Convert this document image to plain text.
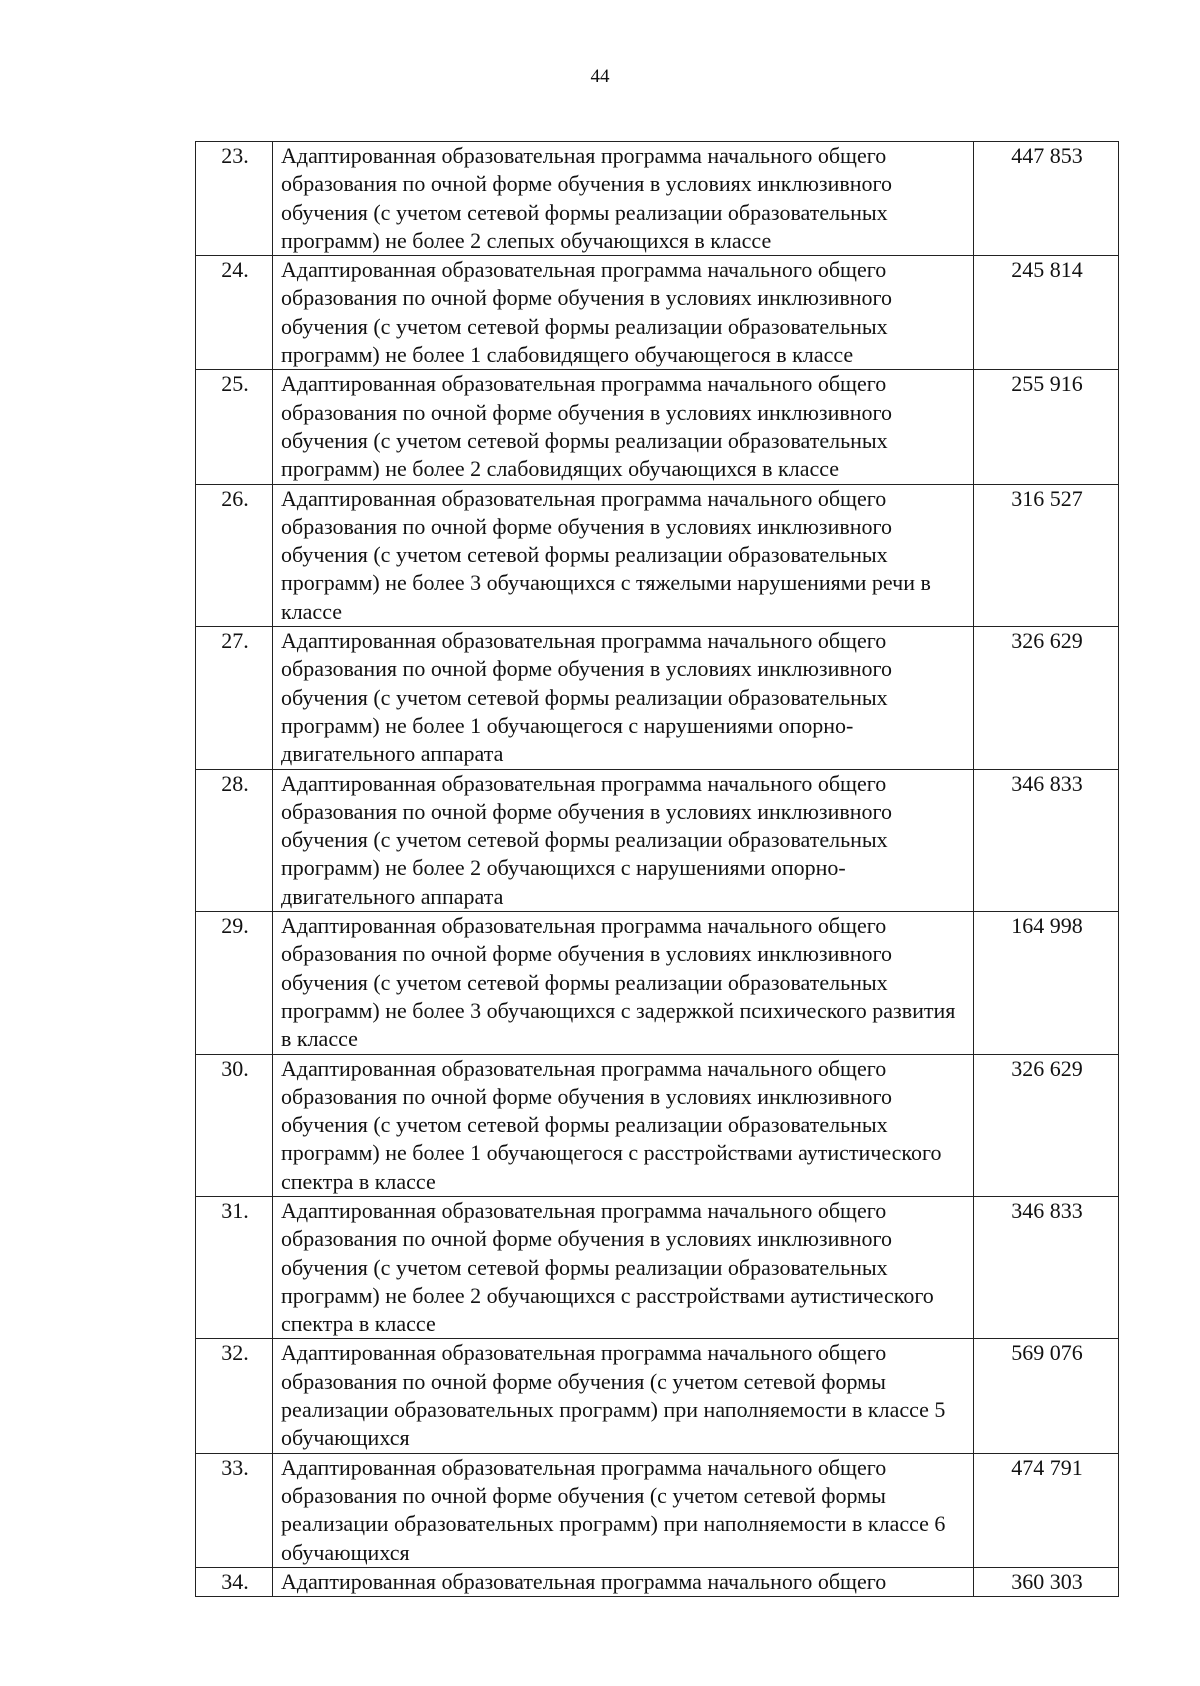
44
23.	Адаптированная образовательная программа начального общего образования по очной форме обучения в условиях инклюзивного обучения (с учетом сетевой формы реализации образовательных программ) не более 2 слепых обучающихся в классе	447 853
24.	Адаптированная образовательная программа начального общего образования по очной форме обучения в условиях инклюзивного обучения (с учетом сетевой формы реализации образовательных программ) не более 1 слабовидящего обучающегося в классе	245 814
25.	Адаптированная образовательная программа начального общего образования по очной форме обучения в условиях инклюзивного обучения (с учетом сетевой формы реализации образовательных программ) не более 2 слабовидящих обучающихся в классе	255 916
26.	Адаптированная образовательная программа начального общего образования по очной форме обучения в условиях инклюзивного обучения (с учетом сетевой формы реализации образовательных программ) не более 3 обучающихся с тяжелыми нарушениями речи в классе	316 527
27.	Адаптированная образовательная программа начального общего образования по очной форме обучения в условиях инклюзивного обучения (с учетом сетевой формы реализации образовательных программ) не более 1 обучающегося с нарушениями опорно-двигательного аппарата	326 629
28.	Адаптированная образовательная программа начального общего образования по очной форме обучения в условиях инклюзивного обучения (с учетом сетевой формы реализации образовательных программ) не более 2 обучающихся с нарушениями опорно-двигательного аппарата	346 833
29.	Адаптированная образовательная программа начального общего образования по очной форме обучения в условиях инклюзивного обучения (с учетом сетевой формы реализации образовательных программ) не более 3 обучающихся с задержкой психического развития в классе	164 998
30.	Адаптированная образовательная программа начального общего образования по очной форме обучения в условиях инклюзивного обучения (с учетом сетевой формы реализации образовательных программ) не более 1 обучающегося с расстройствами аутистического спектра в классе	326 629
31.	Адаптированная образовательная программа начального общего образования по очной форме обучения в условиях инклюзивного обучения (с учетом сетевой формы реализации образовательных программ) не более 2 обучающихся с расстройствами аутистического спектра в классе	346 833
32.	Адаптированная образовательная программа начального общего образования по очной форме обучения (с учетом сетевой формы реализации образовательных программ) при наполняемости в классе 5 обучающихся	569 076
33.	Адаптированная образовательная программа начального общего образования по очной форме обучения (с учетом сетевой формы реализации образовательных программ) при наполняемости в классе 6 обучающихся	474 791
34.	Адаптированная образовательная программа начального общего	360 303
